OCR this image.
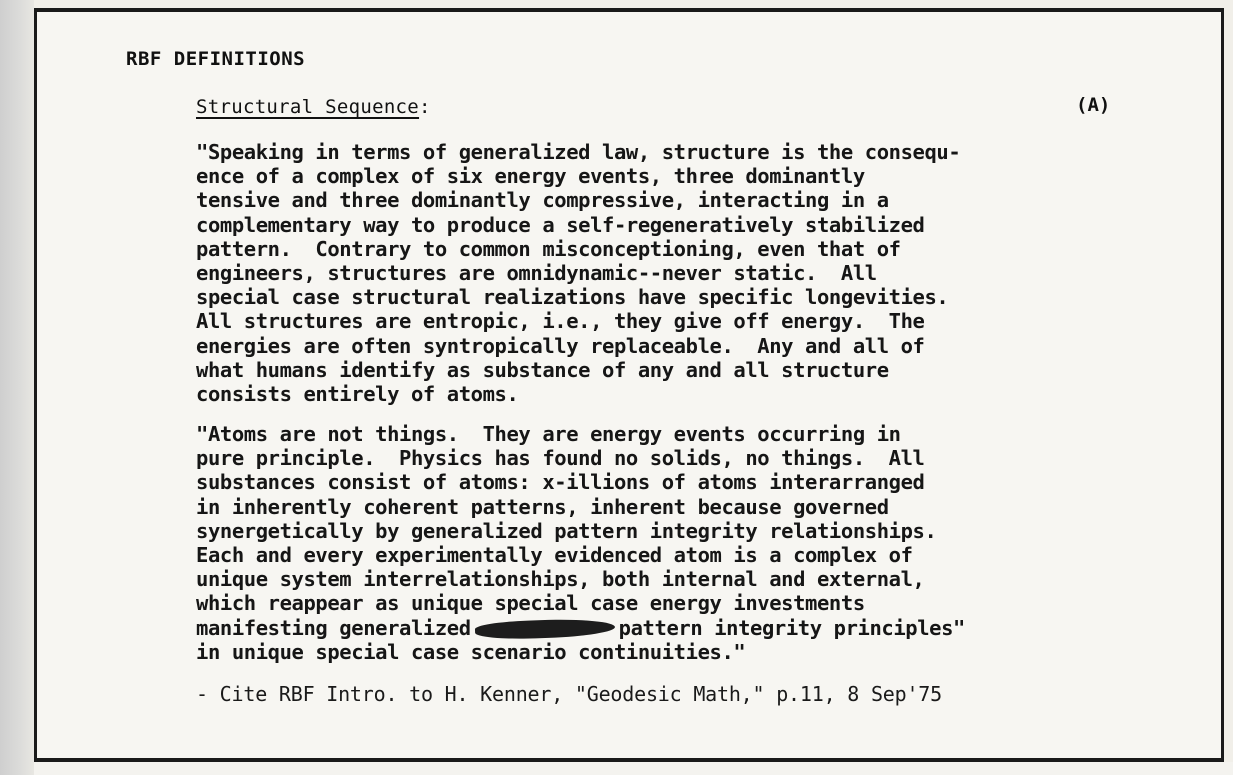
RBF DEFINITIONS
Structural Sequence:	(A)

"Speaking in terms of generalized law, structure is the consequ-
ence of a complex of six energy events, three dominantly
tensive and three dominantly compressive, interacting in a
complementary way to produce a self-regeneratively stabilized
pattern.  Contrary to common misconceptioning, even that of
engineers, structures are omnidynamic--never static.  All
special case structural realizations have specific longevities.
All structures are entropic, i.e., they give off energy.  The
energies are often syntropically replaceable.  Any and all of
what humans identify as substance of any and all structure
consists entirely of atoms.

"Atoms are not things.  They are energy events occurring in
pure principle.  Physics has found no solids, no things.  All
substances consist of atoms: x-illions of atoms interarranged
in inherently coherent patterns, inherent because governed
synergetically by generalized pattern integrity relationships.
Each and every experimentally evidenced atom is a complex of
unique system interrelationships, both internal and external,
which reappear as unique special case energy investments
manifesting generalized	pattern integrity principles"
in unique special case scenario continuities."

- Cite RBF Intro. to H. Kenner, "Geodesic Math," p.11, 8 Sep'75
